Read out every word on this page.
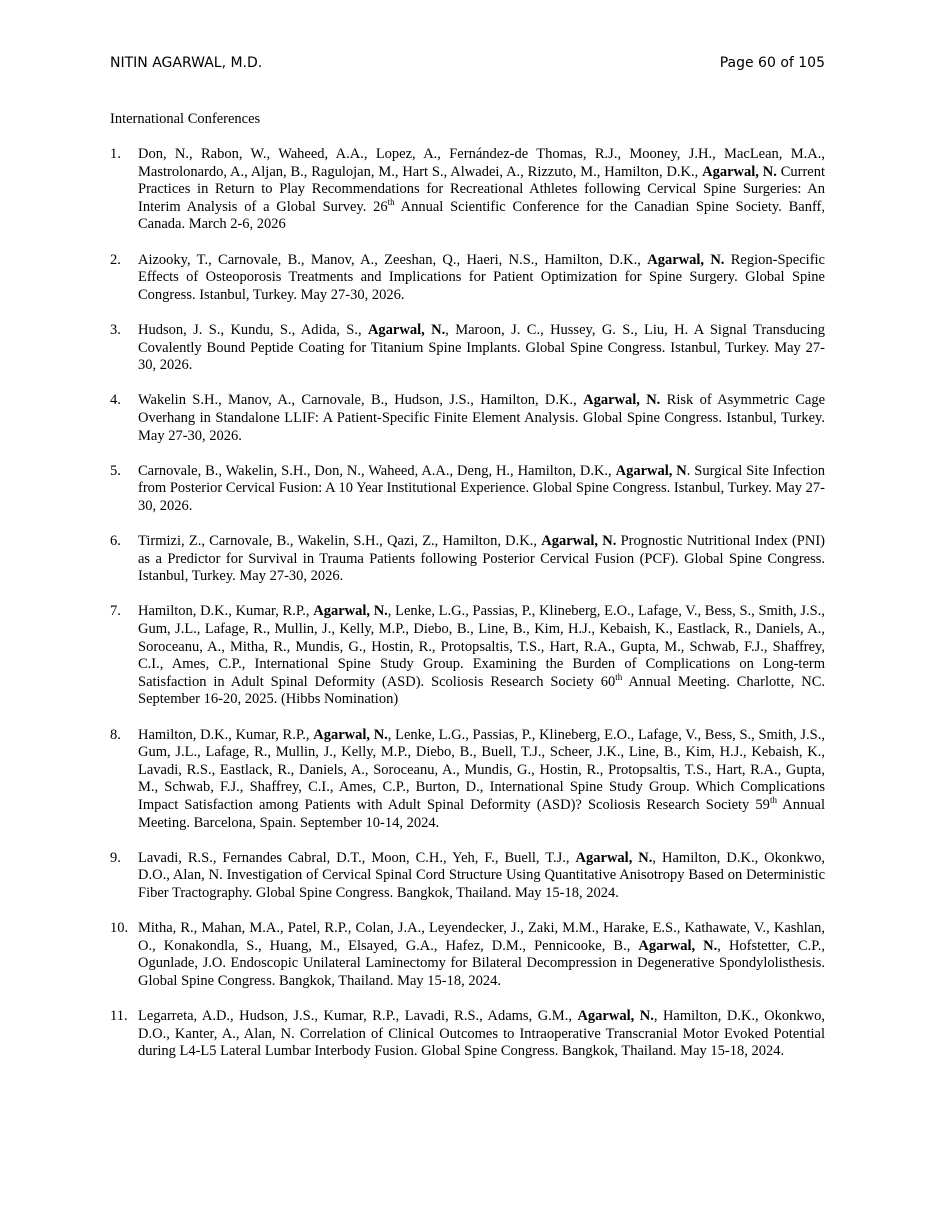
NITIN AGARWAL, M.D.	Page 60 of 105
International Conferences
1. Don, N., Rabon, W., Waheed, A.A., Lopez, A., Fernández-de Thomas, R.J., Mooney, J.H., MacLean, M.A., Mastrolonardo, A., Aljan, B., Ragulojan, M., Hart S., Alwadei, A., Rizzuto, M., Hamilton, D.K., Agarwal, N. Current Practices in Return to Play Recommendations for Recreational Athletes following Cervical Spine Surgeries: An Interim Analysis of a Global Survey. 26th Annual Scientific Conference for the Canadian Spine Society. Banff, Canada. March 2-6, 2026
2. Aizooky, T., Carnovale, B., Manov, A., Zeeshan, Q., Haeri, N.S., Hamilton, D.K., Agarwal, N. Region-Specific Effects of Osteoporosis Treatments and Implications for Patient Optimization for Spine Surgery. Global Spine Congress. Istanbul, Turkey. May 27-30, 2026.
3. Hudson, J. S., Kundu, S., Adida, S., Agarwal, N., Maroon, J. C., Hussey, G. S., Liu, H. A Signal Transducing Covalently Bound Peptide Coating for Titanium Spine Implants. Global Spine Congress. Istanbul, Turkey. May 27-30, 2026.
4. Wakelin S.H., Manov, A., Carnovale, B., Hudson, J.S., Hamilton, D.K., Agarwal, N. Risk of Asymmetric Cage Overhang in Standalone LLIF: A Patient-Specific Finite Element Analysis. Global Spine Congress. Istanbul, Turkey. May 27-30, 2026.
5. Carnovale, B., Wakelin, S.H., Don, N., Waheed, A.A., Deng, H., Hamilton, D.K., Agarwal, N. Surgical Site Infection from Posterior Cervical Fusion: A 10 Year Institutional Experience. Global Spine Congress. Istanbul, Turkey. May 27-30, 2026.
6. Tirmizi, Z., Carnovale, B., Wakelin, S.H., Qazi, Z., Hamilton, D.K., Agarwal, N. Prognostic Nutritional Index (PNI) as a Predictor for Survival in Trauma Patients following Posterior Cervical Fusion (PCF). Global Spine Congress. Istanbul, Turkey. May 27-30, 2026.
7. Hamilton, D.K., Kumar, R.P., Agarwal, N., Lenke, L.G., Passias, P., Klineberg, E.O., Lafage, V., Bess, S., Smith, J.S., Gum, J.L., Lafage, R., Mullin, J., Kelly, M.P., Diebo, B., Line, B., Kim, H.J., Kebaish, K., Eastlack, R., Daniels, A., Soroceanu, A., Mitha, R., Mundis, G., Hostin, R., Protopsaltis, T.S., Hart, R.A., Gupta, M., Schwab, F.J., Shaffrey, C.I., Ames, C.P., International Spine Study Group. Examining the Burden of Complications on Long-term Satisfaction in Adult Spinal Deformity (ASD). Scoliosis Research Society 60th Annual Meeting. Charlotte, NC. September 16-20, 2025. (Hibbs Nomination)
8. Hamilton, D.K., Kumar, R.P., Agarwal, N., Lenke, L.G., Passias, P., Klineberg, E.O., Lafage, V., Bess, S., Smith, J.S., Gum, J.L., Lafage, R., Mullin, J., Kelly, M.P., Diebo, B., Buell, T.J., Scheer, J.K., Line, B., Kim, H.J., Kebaish, K., Lavadi, R.S., Eastlack, R., Daniels, A., Soroceanu, A., Mundis, G., Hostin, R., Protopsaltis, T.S., Hart, R.A., Gupta, M., Schwab, F.J., Shaffrey, C.I., Ames, C.P., Burton, D., International Spine Study Group. Which Complications Impact Satisfaction among Patients with Adult Spinal Deformity (ASD)? Scoliosis Research Society 59th Annual Meeting. Barcelona, Spain. September 10-14, 2024.
9. Lavadi, R.S., Fernandes Cabral, D.T., Moon, C.H., Yeh, F., Buell, T.J., Agarwal, N., Hamilton, D.K., Okonkwo, D.O., Alan, N. Investigation of Cervical Spinal Cord Structure Using Quantitative Anisotropy Based on Deterministic Fiber Tractography. Global Spine Congress. Bangkok, Thailand. May 15-18, 2024.
10. Mitha, R., Mahan, M.A., Patel, R.P., Colan, J.A., Leyendecker, J., Zaki, M.M., Harake, E.S., Kathawate, V., Kashlan, O., Konakondla, S., Huang, M., Elsayed, G.A., Hafez, D.M., Pennicooke, B., Agarwal, N., Hofstetter, C.P., Ogunlade, J.O. Endoscopic Unilateral Laminectomy for Bilateral Decompression in Degenerative Spondylolisthesis. Global Spine Congress. Bangkok, Thailand. May 15-18, 2024.
11. Legarreta, A.D., Hudson, J.S., Kumar, R.P., Lavadi, R.S., Adams, G.M., Agarwal, N., Hamilton, D.K., Okonkwo, D.O., Kanter, A., Alan, N. Correlation of Clinical Outcomes to Intraoperative Transcranial Motor Evoked Potential during L4-L5 Lateral Lumbar Interbody Fusion. Global Spine Congress. Bangkok, Thailand. May 15-18, 2024.
